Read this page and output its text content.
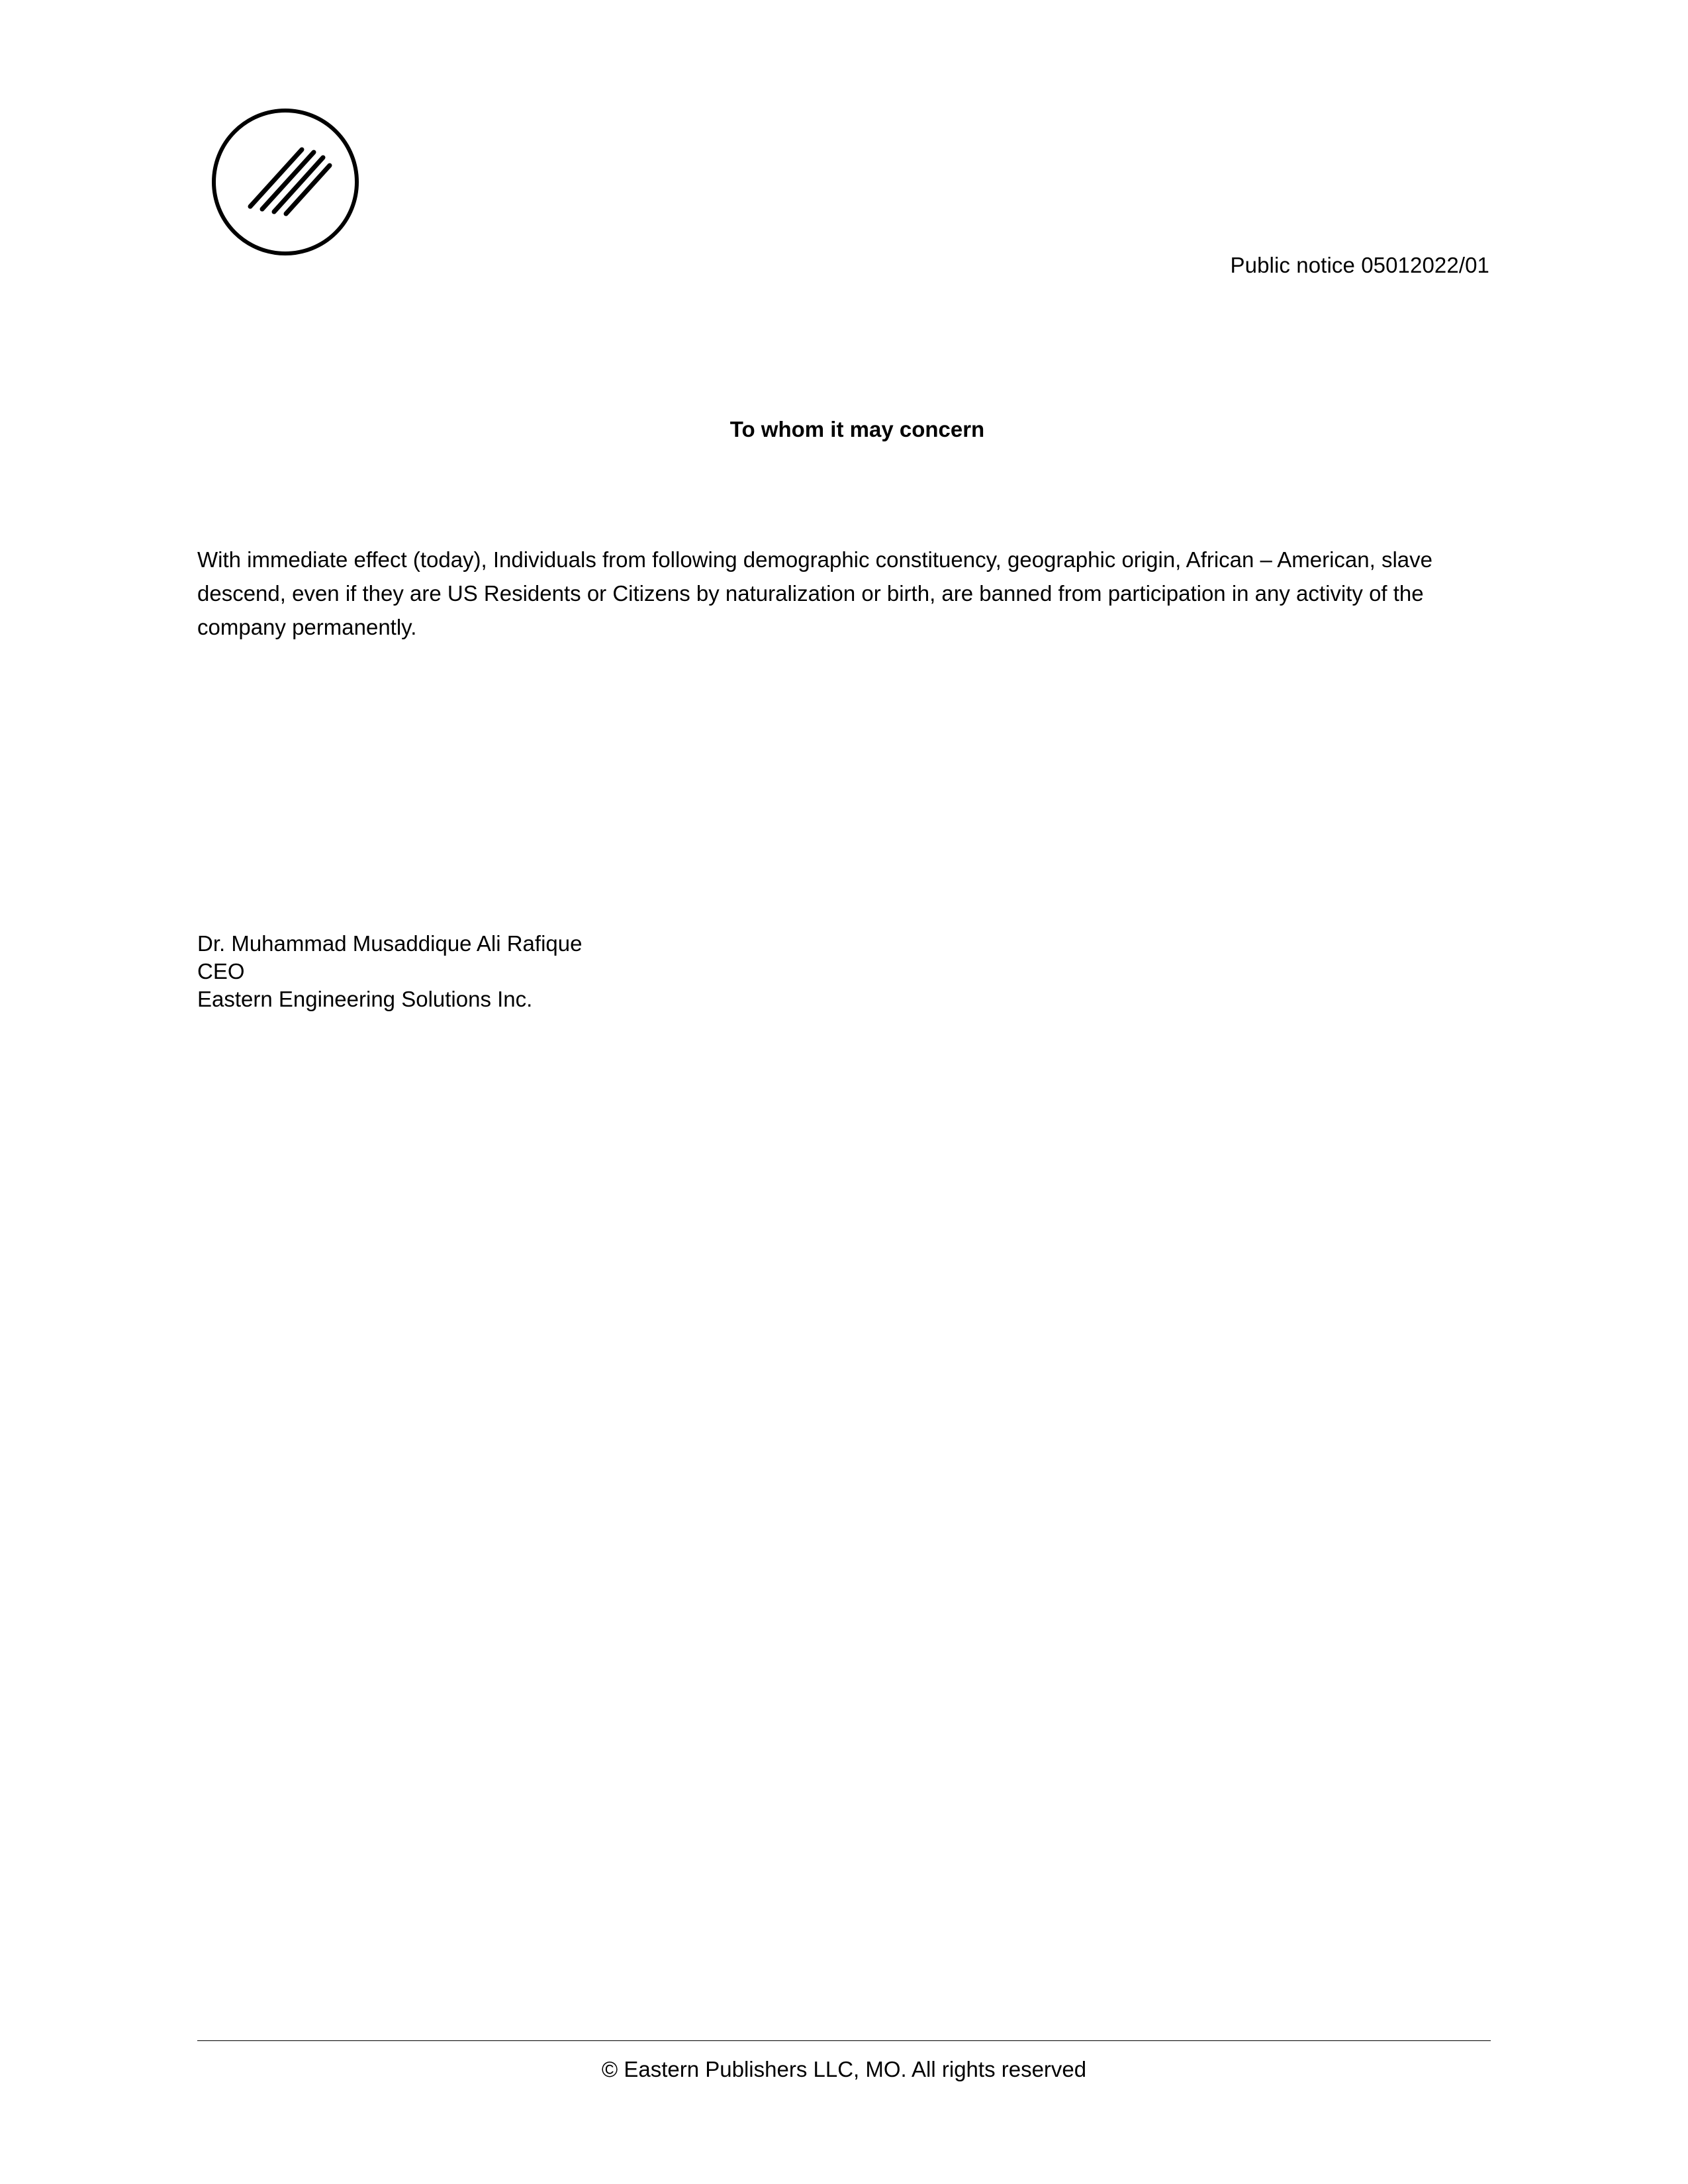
Public notice 05012022/01
To whom it may concern
With immediate effect (today), Individuals from following demographic constituency, geographic origin, African – American, slave descend, even if they are US Residents or Citizens by naturalization or birth, are banned from participation in any activity of the company permanently.
Dr. Muhammad Musaddique Ali Rafique
CEO
Eastern Engineering Solutions Inc.
© Eastern Publishers LLC, MO. All rights reserved
